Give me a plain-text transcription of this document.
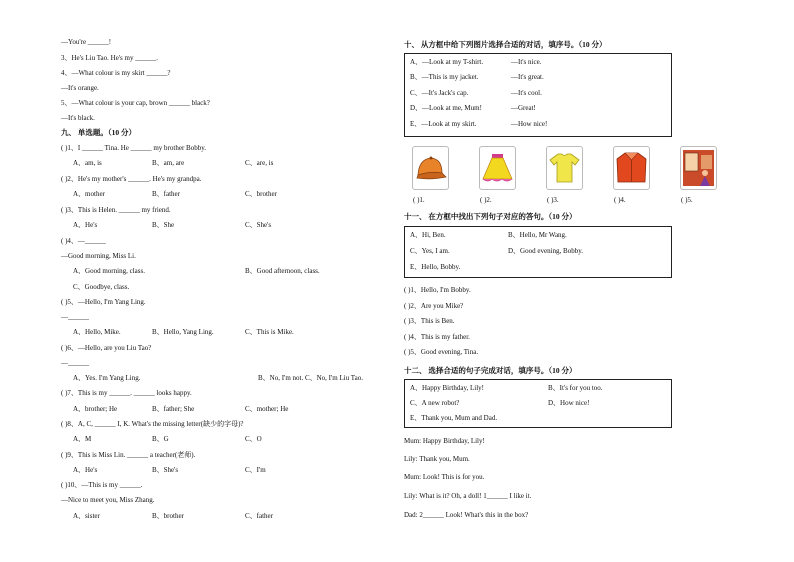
—You're ______!
3、He's Liu Tao. He's my ______.
4、—What colour is my skirt ______?
—It's orange.
5、—What colour is your cap, brown ______ black?
—It's black.
九、 单选题。（10 分）
( )1、I ______ Tina. He ______ my brother Bobby.
A、am, is	B、am, are	C、are, is
( )2、He's my mother's ______. He's my grandpa.
A、mother	B、father	C、brother
( )3、This is Helen. ______ my friend.
A、He's	B、She	C、She's
( )4、—______
—Good morning, Miss Li.
A、Good morning, class.	B、Good afternoon, class.
C、Goodbye, class.
( )5、—Hello, I'm Yang Ling.
—______
A、Hello, Mike.	B、Hello, Yang Ling.	C、This is Mike.
( )6、—Hello, are you Liu Tao?
—______
A、Yes. I'm Yang Ling.	B、No, I'm not. C、No, I'm Liu Tao.
( )7、This is my ______. ______ looks happy.
A、brother; He	B、father; She	C、mother; He
( )8、A, C, ______ I, K. What's the missing letter(缺少的字母)?
A、M	B、G	C、O
( )9、This is Miss Lin. ______ a teacher(老师).
A、He's	B、She's	C、I'm
( )10、—This is my ______.
—Nice to meet you, Miss Zhang.
A、sister	B、brother	C、father
十、 从方框中给下列图片选择合适的对话，填序号。（10 分）
A、—Look at my T-shirt.	—It's nice.
B、—This is my jacket.	—It's great.
C、—It's Jack's cap.	—It's cool.
D、—Look at me, Mum!	—Great!
E、—Look at my skirt.	—How nice!
( )1.	( )2.	( )3.	( )4.	( )5.
十一、 在方框中找出下列句子对应的答句。（10 分）
A、Hi, Ben.	B、Hello, Mr Wang.
C、Yes, I am.	D、Good evening, Bobby.
E、Hello, Bobby.
( )1、Hello, I'm Bobby.
( )2、Are you Mike?
( )3、This is Ben.
( )4、This is my father.
( )5、Good evening, Tina.
十二、 选择合适的句子完成对话，填序号。（10 分）
A、Happy Birthday, Lily!	B、It's for you too.
C、A new robot?	D、How nice!
E、Thank you, Mum and Dad.
Mum: Happy Birthday, Lily!
Lily: Thank you, Mum.
Mum: Look! This is for you.
Lily: What is it? Oh, a doll! 1______ I like it.
Dad: 2______ Look! What's this in the box?
